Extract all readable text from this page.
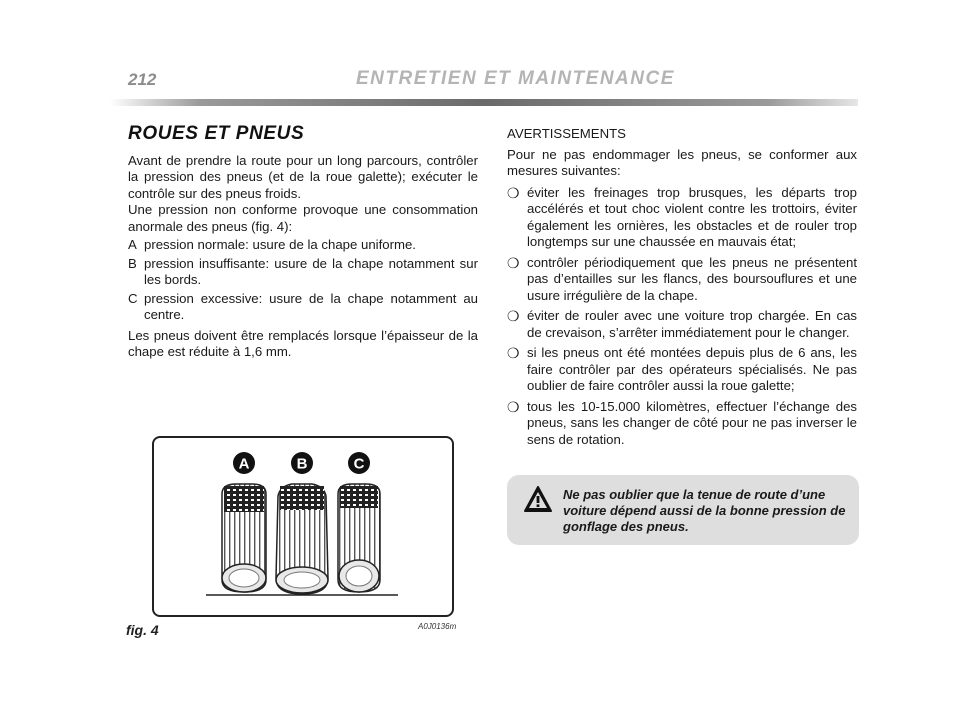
212	ENTRETIEN ET MAINTENANCE
ROUES ET PNEUS

Avant de prendre la route pour un long parcours, contrôler la pression des pneus (et de la roue galette); exécuter le contrôle sur des pneus froids.

Une pression non conforme provoque une consommation anormale des pneus (fig. 4):

A pression normale: usure de la chape uniforme.
B pression insuffisante: usure de la chape notamment sur les bords.
C pression excessive: usure de la chape notamment au centre.

Les pneus doivent être remplacés lorsque l’épaisseur de la chape est réduite à 1,6 mm.

AVERTISSEMENTS

Pour ne pas endommager les pneus, se conformer aux mesures suivantes:

❍ éviter les freinages trop brusques, les départs trop accélérés et tout choc violent contre les trottoirs, éviter également les ornières, les obstacles et de rouler trop longtemps sur une chaussée en mauvais état;
❍ contrôler périodiquement que les pneus ne présentent pas d’entailles sur les flancs, des boursouflures et une usure irrégulière de la chape.
❍ éviter de rouler avec une voiture trop chargée. En cas de crevaison, s’arrêter immédiatement pour le changer.
❍ si les pneus ont été montées depuis plus de 6 ans, les faire contrôler par des opérateurs spécialisés. Ne pas oublier de faire contrôler aussi la roue galette;
❍ tous les 10-15.000 kilomètres, effectuer l’échange des pneus, sans les changer de côté pour ne pas inverser le sens de rotation.
Ne pas oublier que la tenue de route d’une voiture dépend aussi de la bonne pression de gonflage des pneus.
A	B	C
fig. 4	A0J0136m
